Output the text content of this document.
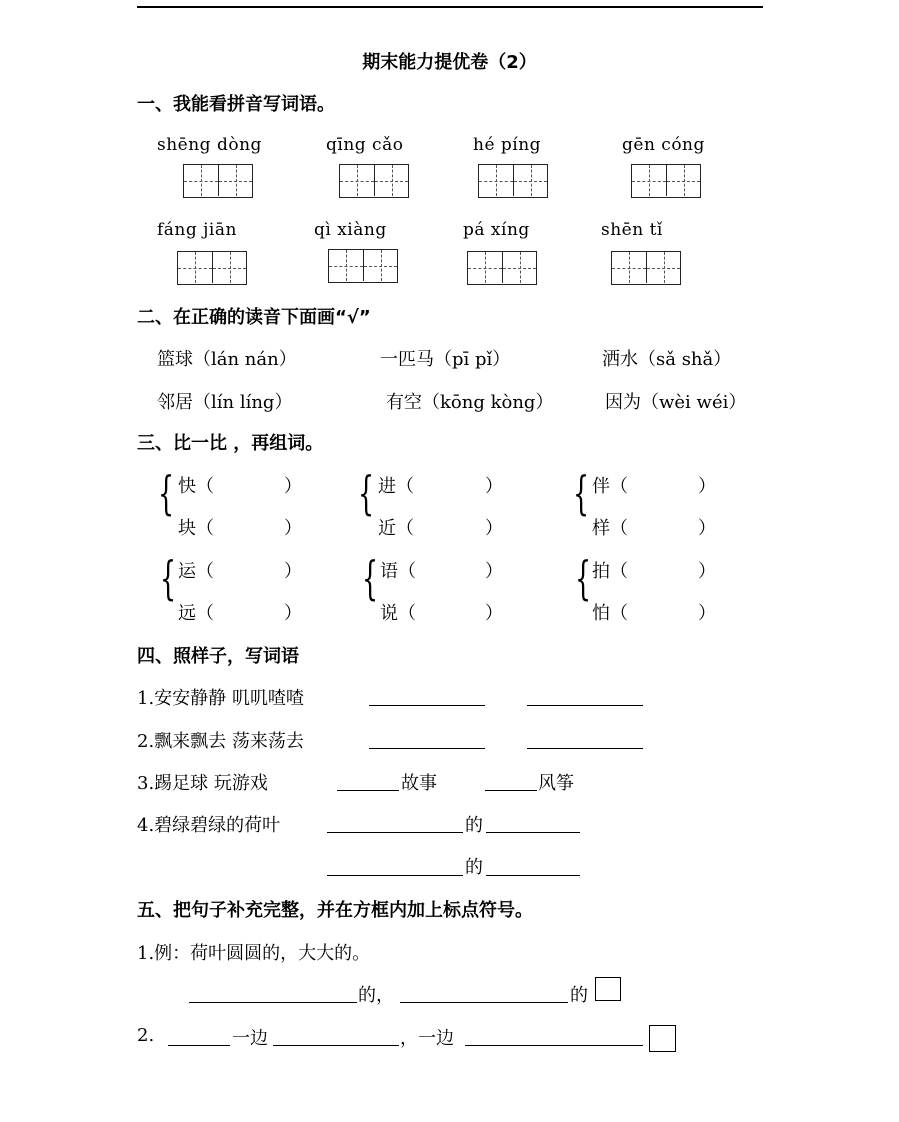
期末能力提优卷（2）
一、我能看拼音写词语。
shēng dòng	qīng cǎo	hé píng	gēn cóng
fáng jiān	qì xiàng	pá xíng	shēn tǐ
二、在正确的读音下面画“√”
篮球（lán nán）	一匹马（pī pǐ）	洒水（sǎ shǎ）
邻居（lín líng）	有空（kōng kòng）	因为（wèi wéi）
三、比一比 ，再组词。
{ 快（	）
块（	）
{ 进（	）
近（	）
{ 伴（	）
样（	）
{ 运（	）
远（	）
{ 语（	）
说（	）
{ 拍（	）
怕（	）
四、照样子，写词语
1.安安静静 叽叽喳喳
2.飘来飘去 荡来荡去
3.踢足球 玩游戏	故事	风筝
4.碧绿碧绿的荷叶	的
的
五、把句子补充完整，并在方框内加上标点符号。
1.例：荷叶圆圆的，大大的。
的，	的
2.	一边	，一边
